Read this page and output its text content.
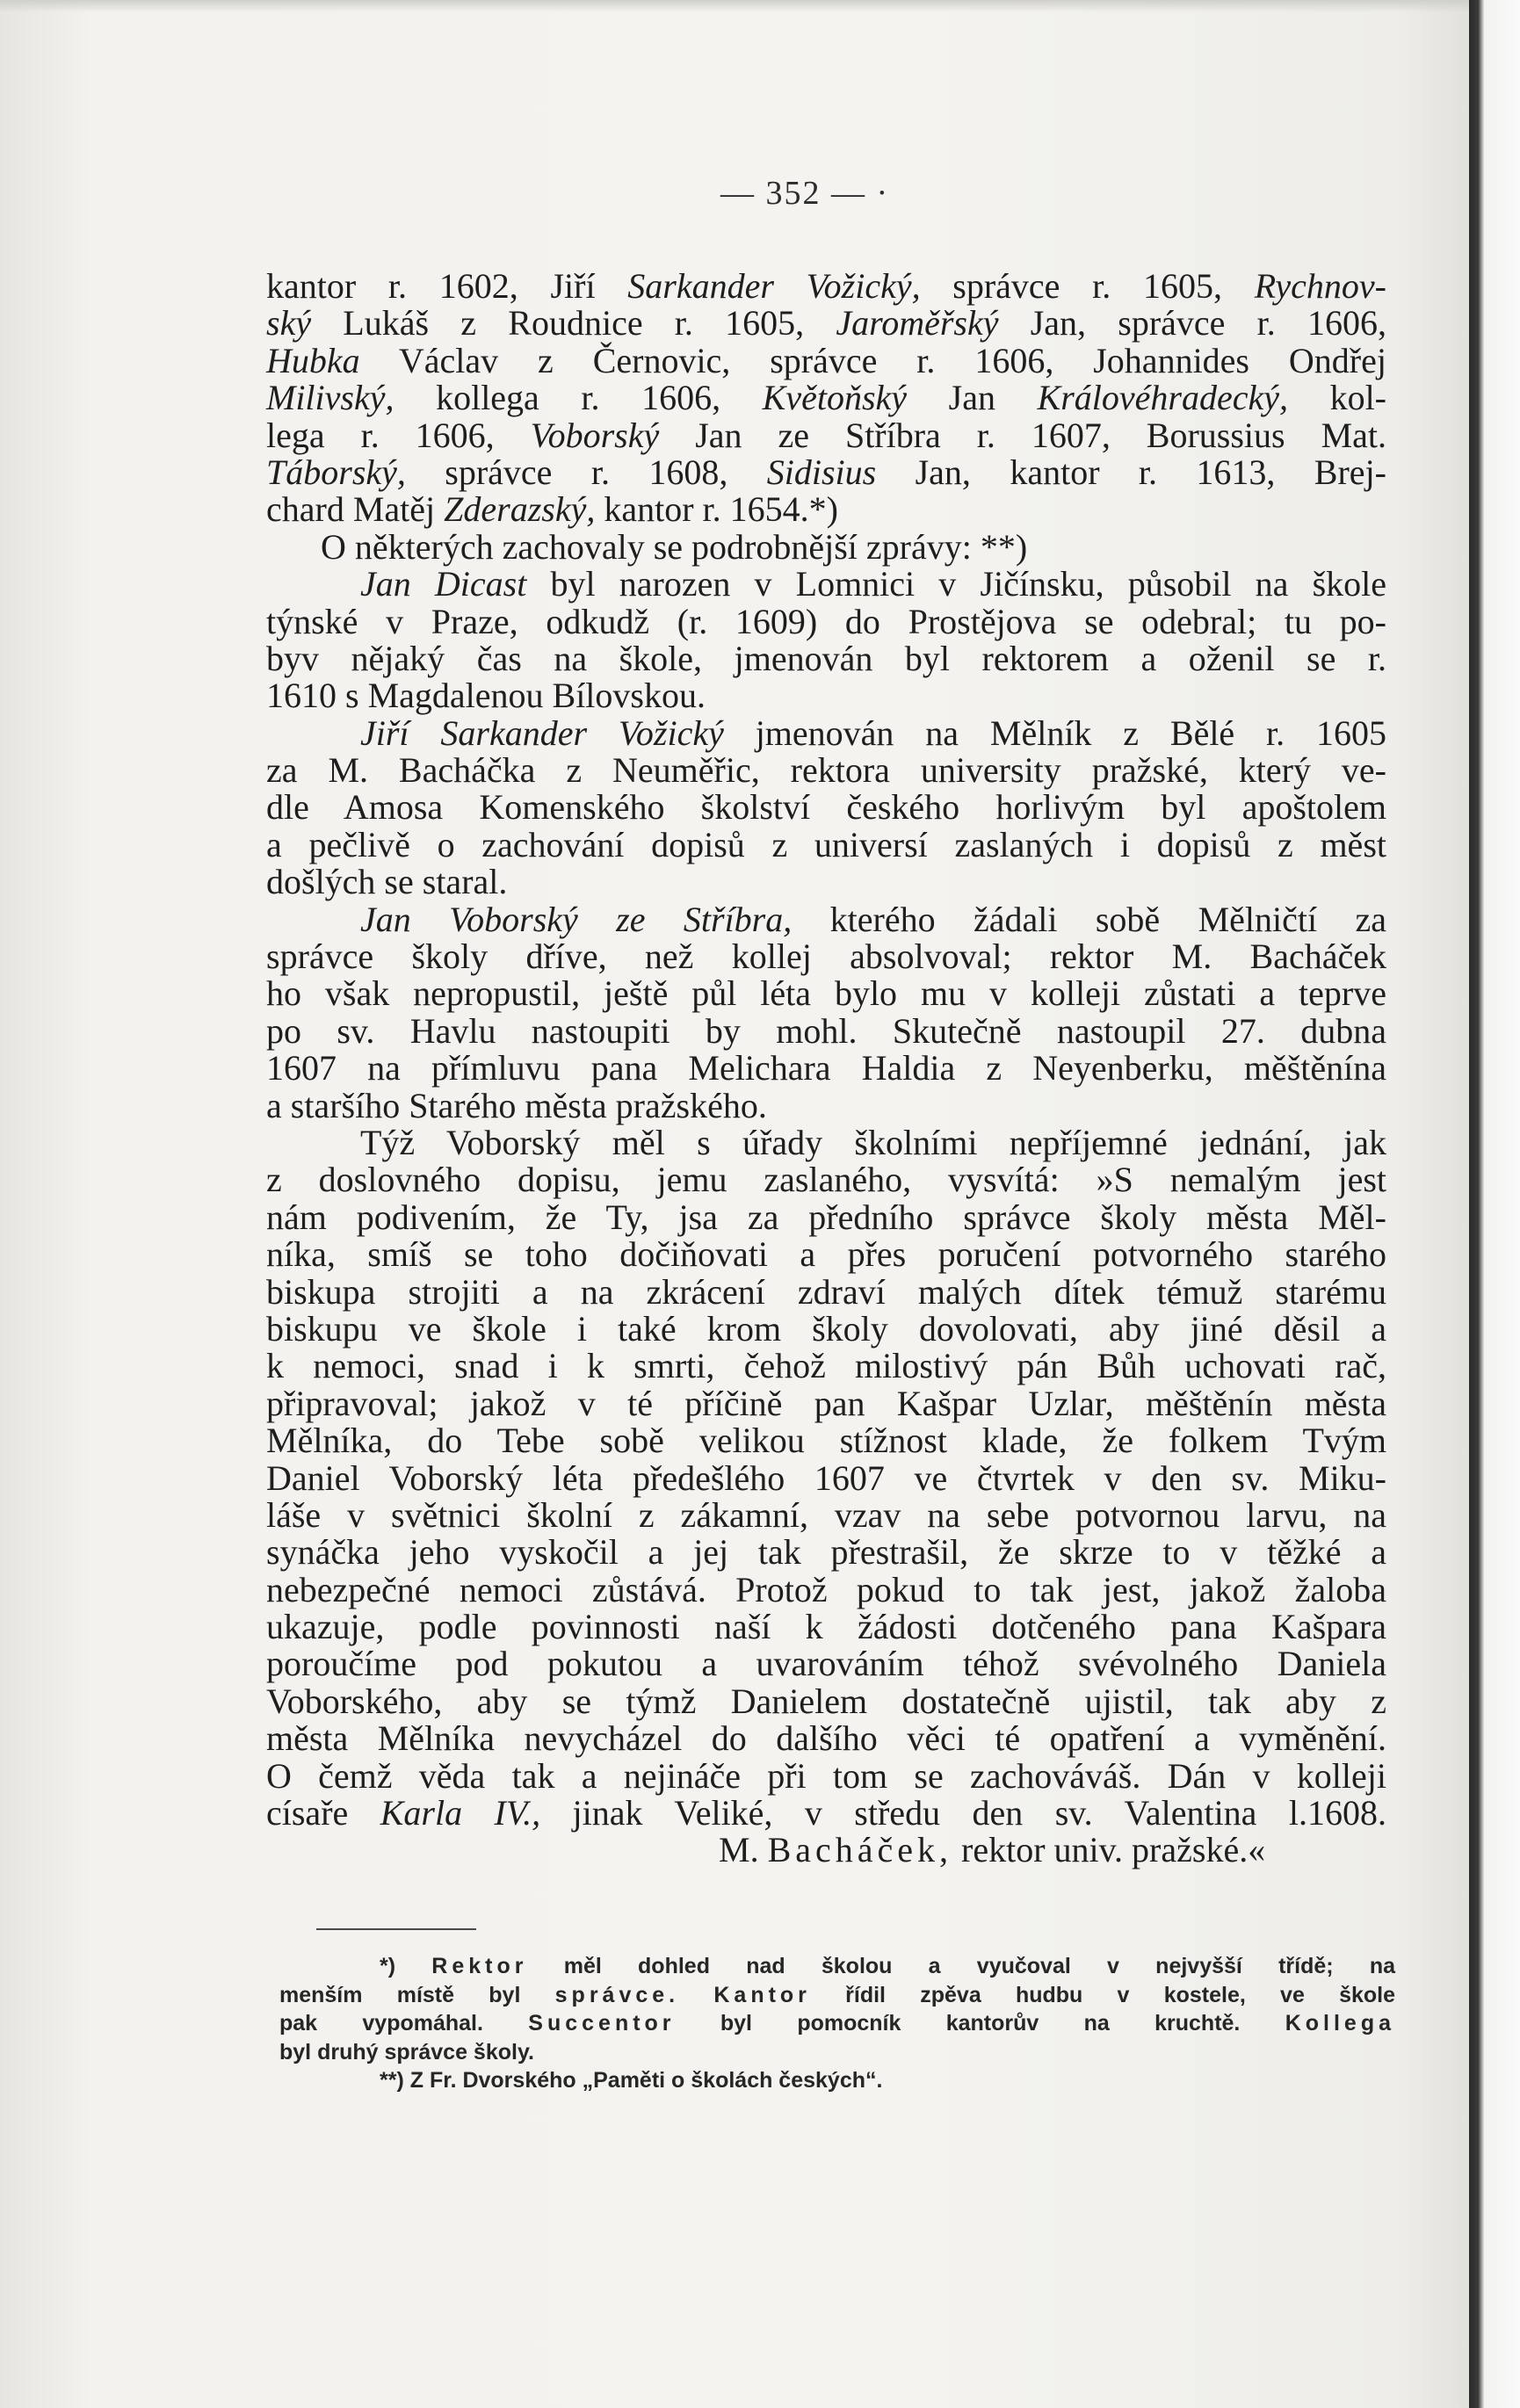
— 352 — ·
kantor r. 1602, Jiří Sarkander Vožický, správce r. 1605, Rychnov-
ský Lukáš z Roudnice r. 1605, Jaroměřský Jan, správce r. 1606,
Hubka Václav z Černovic, správce r. 1606, Johannides Ondřej
Milivský, kollega r. 1606, Květoňský Jan Královéhradecký, kol-
lega r. 1606, Voborský Jan ze Stříbra r. 1607, Borussius Mat.
Táborský, správce r. 1608, Sidisius Jan, kantor r. 1613, Brej-
chard Matěj Zderazský, kantor r. 1654.*)
O některých zachovaly se podrobnější zprávy: **)
Jan Dicast byl narozen v Lomnici v Jičínsku, působil na škole
týnské v Praze, odkudž (r. 1609) do Prostějova se odebral; tu po-
byv nějaký čas na škole, jmenován byl rektorem a oženil se r.
1610 s Magdalenou Bílovskou.
Jiří Sarkander Vožický jmenován na Mělník z Bělé r. 1605
za M. Bacháčka z Neuměřic, rektora university pražské, který ve-
dle Amosa Komenského školství českého horlivým byl apoštolem
a pečlivě o zachování dopisů z universí zaslaných i dopisů z měst
došlých se staral.
Jan Voborský ze Stříbra, kterého žádali sobě Mělničtí za
správce školy dříve, než kollej absolvoval; rektor M. Bacháček
ho však nepropustil, ještě půl léta bylo mu v kolleji zůstati a teprve
po sv. Havlu nastoupiti by mohl. Skutečně nastoupil 27. dubna
1607 na přímluvu pana Melichara Haldia z Neyenberku, měštěnína
a staršího Starého města pražského.
Týž Voborský měl s úřady školními nepříjemné jednání, jak
z doslovného dopisu, jemu zaslaného, vysvítá: »S nemalým jest
nám podivením, že Ty, jsa za předního správce školy města Měl-
níka, smíš se toho dočiňovati a přes poručení potvorného starého
biskupa strojiti a na zkrácení zdraví malých dítek témuž starému
biskupu ve škole i také krom školy dovolovati, aby jiné děsil a
k nemoci, snad i k smrti, čehož milostivý pán Bůh uchovati rač,
připravoval; jakož v té příčině pan Kašpar Uzlar, měštěnín města
Mělníka, do Tebe sobě velikou stížnost klade, že folkem Tvým
Daniel Voborský léta předešlého 1607 ve čtvrtek v den sv. Miku-
láše v světnici školní z zákamní, vzav na sebe potvornou larvu, na
synáčka jeho vyskočil a jej tak přestrašil, že skrze to v těžké a
nebezpečné nemoci zůstává. Protož pokud to tak jest, jakož žaloba
ukazuje, podle povinnosti naší k žádosti dotčeného pana Kašpara
poroučíme pod pokutou a uvarováním téhož svévolného Daniela
Voborského, aby se týmž Danielem dostatečně ujistil, tak aby z
města Mělníka nevycházel do dalšího věci té opatření a vyměnění.
O čemž věda tak a nejináče při tom se zachováváš. Dán v kolleji
císaře Karla IV., jinak Veliké, v středu den sv. Valentina l.1608.
M. Bacháček, rektor univ. pražské.«
*) Rektor měl dohled nad školou a vyučoval v nejvyšší třídě; na
menším místě byl správce. Kantor řídil zpěva hudbu v kostele, ve škole
pak vypomáhal. Succentor byl pomocník kantorův na kruchtě. Kollega
byl druhý správce školy.
**) Z Fr. Dvorského „Paměti o školách českých“.
